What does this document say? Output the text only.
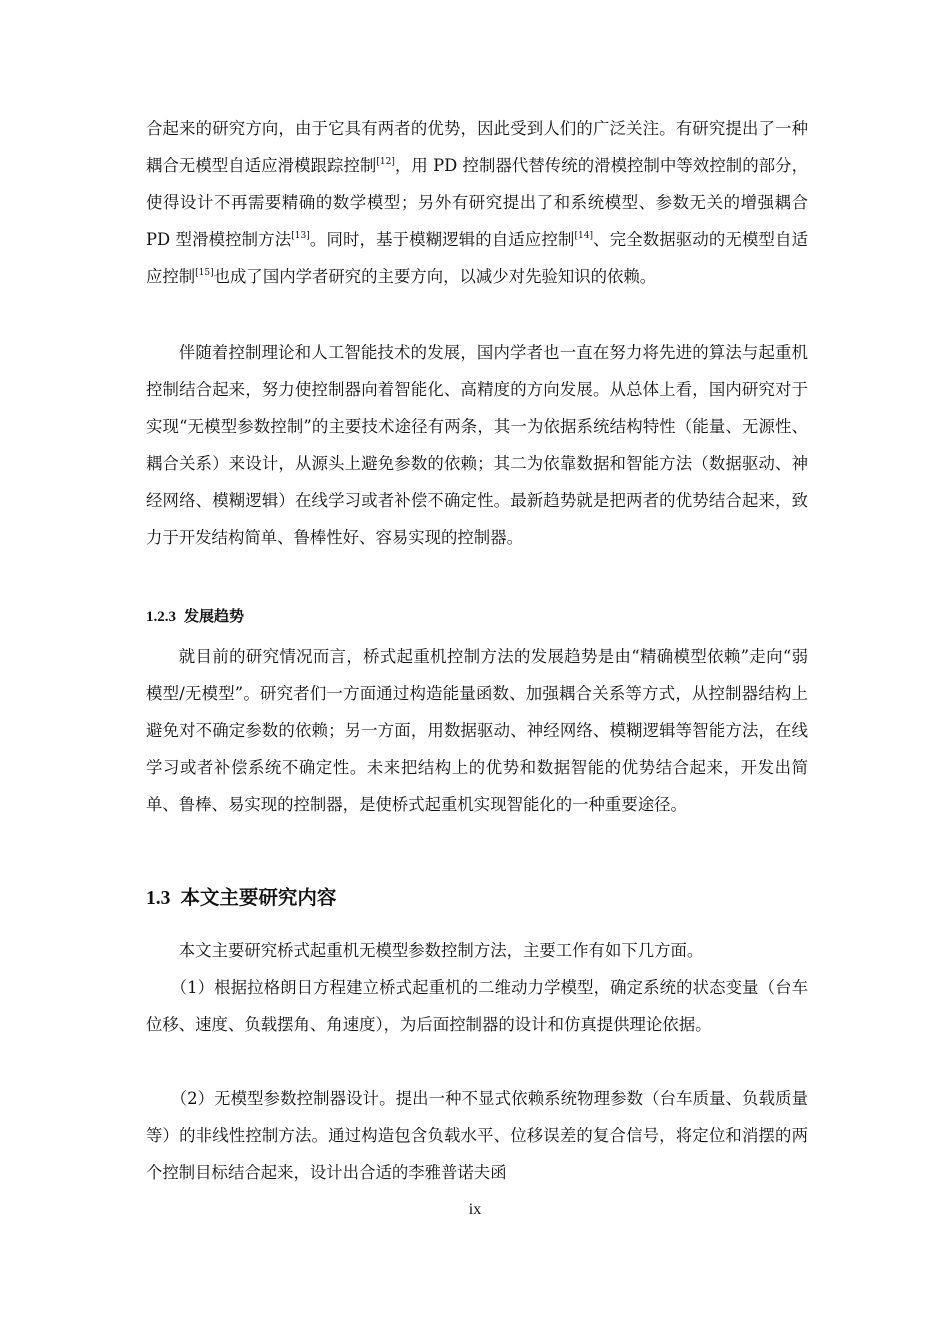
合起来的研究方向，由于它具有两者的优势，因此受到人们的广泛关注。有研究提出了一种耦合无模型自适应滑模跟踪控制[12]，用 PD 控制器代替传统的滑模控制中等效控制的部分，使得设计不再需要精确的数学模型；另外有研究提出了和系统模型、参数无关的增强耦合 PD 型滑模控制方法[13]。同时，基于模糊逻辑的自适应控制[14]、完全数据驱动的无模型自适应控制[15]也成了国内学者研究的主要方向，以减少对先验知识的依赖。

伴随着控制理论和人工智能技术的发展，国内学者也一直在努力将先进的算法与起重机控制结合起来，努力使控制器向着智能化、高精度的方向发展。从总体上看，国内研究对于实现“无模型参数控制”的主要技术途径有两条，其一为依据系统结构特性（能量、无源性、耦合关系）来设计，从源头上避免参数的依赖；其二为依靠数据和智能方法（数据驱动、神经网络、模糊逻辑）在线学习或者补偿不确定性。最新趋势就是把两者的优势结合起来，致力于开发结构简单、鲁棒性好、容易实现的控制器。

1.2.3 发展趋势

就目前的研究情况而言，桥式起重机控制方法的发展趋势是由“精确模型依赖”走向“弱模型/无模型”。研究者们一方面通过构造能量函数、加强耦合关系等方式，从控制器结构上避免对不确定参数的依赖；另一方面，用数据驱动、神经网络、模糊逻辑等智能方法，在线学习或者补偿系统不确定性。未来把结构上的优势和数据智能的优势结合起来，开发出简单、鲁棒、易实现的控制器，是使桥式起重机实现智能化的一种重要途径。

1.3 本文主要研究内容

本文主要研究桥式起重机无模型参数控制方法，主要工作有如下几方面。

（1）根据拉格朗日方程建立桥式起重机的二维动力学模型，确定系统的状态变量（台车位移、速度、负载摆角、角速度），为后面控制器的设计和仿真提供理论依据。

（2）无模型参数控制器设计。提出一种不显式依赖系统物理参数（台车质量、负载质量等）的非线性控制方法。通过构造包含负载水平、位移误差的复合信号，将定位和消摆的两个控制目标结合起来，设计出合适的李雅普诺夫函

ix
